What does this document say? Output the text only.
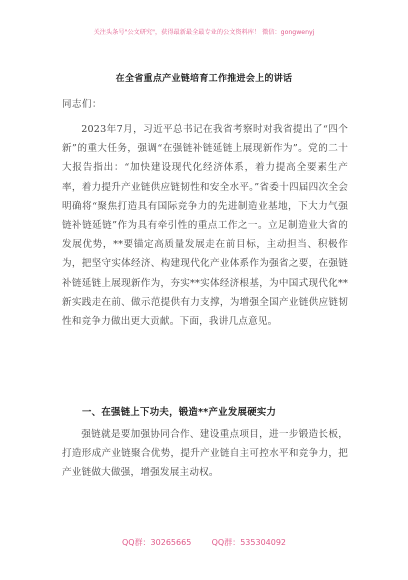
关注头条号"公文研究"，获得最新最全最专业的公文资料库！ 微信：gongwenyj
在全省重点产业链培育工作推进会上的讲话
同志们：

2023年7月，习近平总书记在我省考察时对我省提出了“四个新”的重大任务，强调“在强链补链延链上展现新作为”。党的二十大报告指出：“加快建设现代化经济体系，着力提高全要素生产率，着力提升产业链供应链韧性和安全水平。”省委十四届四次全会明确将“聚焦打造具有国际竞争力的先进制造业基地，下大力气强链补链延链”作为具有牵引性的重点工作之一。立足制造业大省的发展优势，**要锚定高质量发展走在前目标，主动担当、积极作为，把坚守实体经济、构建现代化产业体系作为强省之要，在强链补链延链上展现新作为，夯实**实体经济根基，为中国式现代化**新实践走在前、做示范提供有力支撑，为增强全国产业链供应链韧性和竞争力做出更大贡献。下面，我讲几点意见。

一、在强链上下功夫，锻造**产业发展硬实力

强链就是要加强协同合作、建设重点项目，进一步锻造长板，打造形成产业链聚合优势，提升产业链自主可控水平和竞争力，把产业链做大做强，增强发展主动权。

QQ群：30265665        QQ群：535304092
